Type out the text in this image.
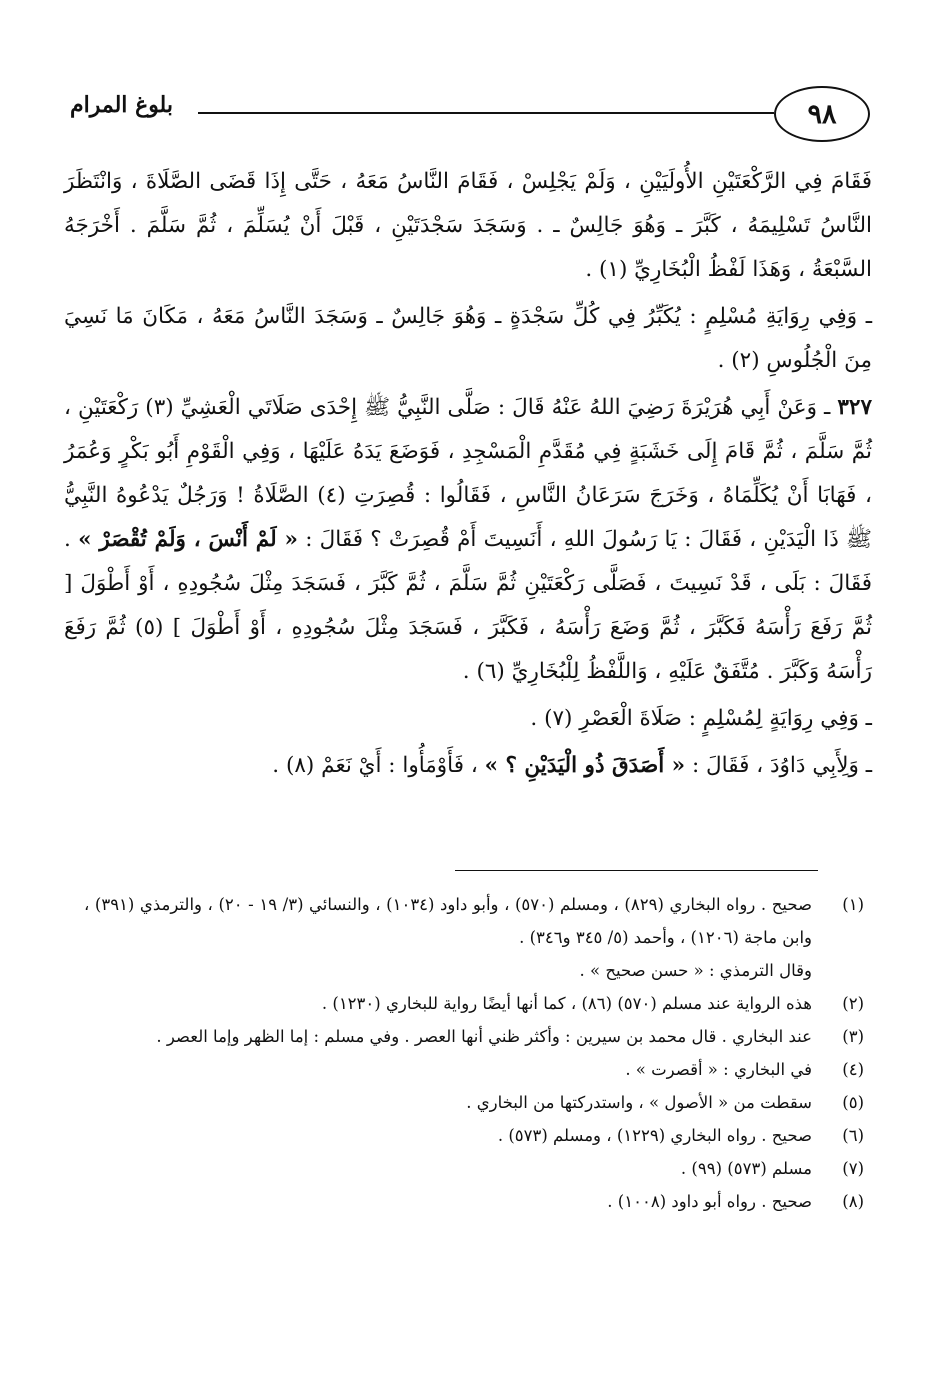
٩٨
بلوغ المرام

فَقَامَ فِي الرَّكْعَتَيْنِ الأُولَيَيْنِ ، وَلَمْ يَجْلِسْ ، فَقَامَ النَّاسُ مَعَهُ ، حَتَّى إِذَا قَضَى الصَّلَاةَ ، وَانْتَظَرَ النَّاسُ تَسْلِيمَهُ ، كَبَّرَ ـ وَهُوَ جَالِسٌ ـ . وَسَجَدَ سَجْدَتَيْنِ ، قَبْلَ أَنْ يُسَلِّمَ ، ثُمَّ سَلَّمَ . أَخْرَجَهُ السَّبْعَةُ ، وَهَذَا لَفْظُ الْبُخَارِيِّ (١) .

ـ وَفِي رِوَايَةِ مُسْلِمٍ : يُكَبِّرُ فِي كُلِّ سَجْدَةٍ ـ وَهُوَ جَالِسٌ ـ وَسَجَدَ النَّاسُ مَعَهُ ، مَكَانَ مَا نَسِيَ مِنَ الْجُلُوسِ (٢) .

٣٢٧ ـ وَعَنْ أَبِي هُرَيْرَةَ رَضِيَ اللهُ عَنْهُ قَالَ : صَلَّى النَّبِيُّ ﷺ إِحْدَى صَلَاتَي الْعَشِيِّ (٣) رَكْعَتَيْنِ ، ثُمَّ سَلَّمَ ، ثُمَّ قَامَ إِلَى خَشَبَةٍ فِي مُقَدَّمِ الْمَسْجِدِ ، فَوَضَعَ يَدَهُ عَلَيْهَا ، وَفِي الْقَوْمِ أَبُو بَكْرٍ وَعُمَرُ ، فَهَابَا أَنْ يُكَلِّمَاهُ ، وَخَرَجَ سَرَعَانُ النَّاسِ ، فَقَالُوا : قُصِرَتِ (٤) الصَّلَاةُ ! وَرَجُلٌ يَدْعُوهُ النَّبِيُّ ﷺ ذَا الْيَدَيْنِ ، فَقَالَ : يَا رَسُولَ اللهِ ، أَنَسِيتَ أَمْ قُصِرَتْ ؟ فَقَالَ : « لَمْ أَنْسَ ، وَلَمْ تُقْصَرْ » . فَقَالَ : بَلَى ، قَدْ نَسِيتَ ، فَصَلَّى رَكْعَتَيْنِ ثُمَّ سَلَّمَ ، ثُمَّ كَبَّرَ ، فَسَجَدَ مِثْلَ سُجُودِهِ ، أَوْ أَطْوَلَ [ ثُمَّ رَفَعَ رَأْسَهُ فَكَبَّرَ ، ثُمَّ وَضَعَ رَأْسَهُ ، فَكَبَّرَ ، فَسَجَدَ مِثْلَ سُجُودِهِ ، أَوْ أَطْوَلَ ] (٥) ثُمَّ رَفَعَ رَأْسَهُ وَكَبَّرَ . مُتَّفَقٌ عَلَيْهِ ، وَاللَّفْظُ لِلْبُخَارِيِّ (٦) .

ـ وَفِي رِوَايَةٍ لِمُسْلِمٍ : صَلَاةَ الْعَصْرِ (٧) .

ـ وَلِأَبِي دَاوُدَ ، فَقَالَ : « أَصَدَقَ ذُو الْيَدَيْنِ ؟ » ، فَأَوْمَأُوا : أَيْ نَعَمْ (٨) .

(١)
صحيح . رواه البخاري (٨٢٩) ، ومسلم (٥٧٠) ، وأبو داود (١٠٣٤) ، والنسائي (٣/ ١٩ - ٢٠) ، والترمذي (٣٩١) ، وابن ماجة (١٢٠٦) ، وأحمد (٥/ ٣٤٥ و٣٤٦) .
وقال الترمذي : « حسن صحيح » .
(٢)
هذه الرواية عند مسلم (٥٧٠) (٨٦) ، كما أنها أيضًا رواية للبخاري (١٢٣٠) .
(٣)
عند البخاري . قال محمد بن سيرين : وأكثر ظني أنها العصر . وفي مسلم : إما الظهر وإما العصر .
(٤)
في البخاري : « أقصرت » .
(٥)
سقطت من « الأصول » ، واستدركتها من البخاري .
(٦)
صحيح . رواه البخاري (١٢٢٩) ، ومسلم (٥٧٣) .
(٧)
مسلم (٥٧٣) (٩٩) .
(٨)
صحيح . رواه أبو داود (١٠٠٨) .
